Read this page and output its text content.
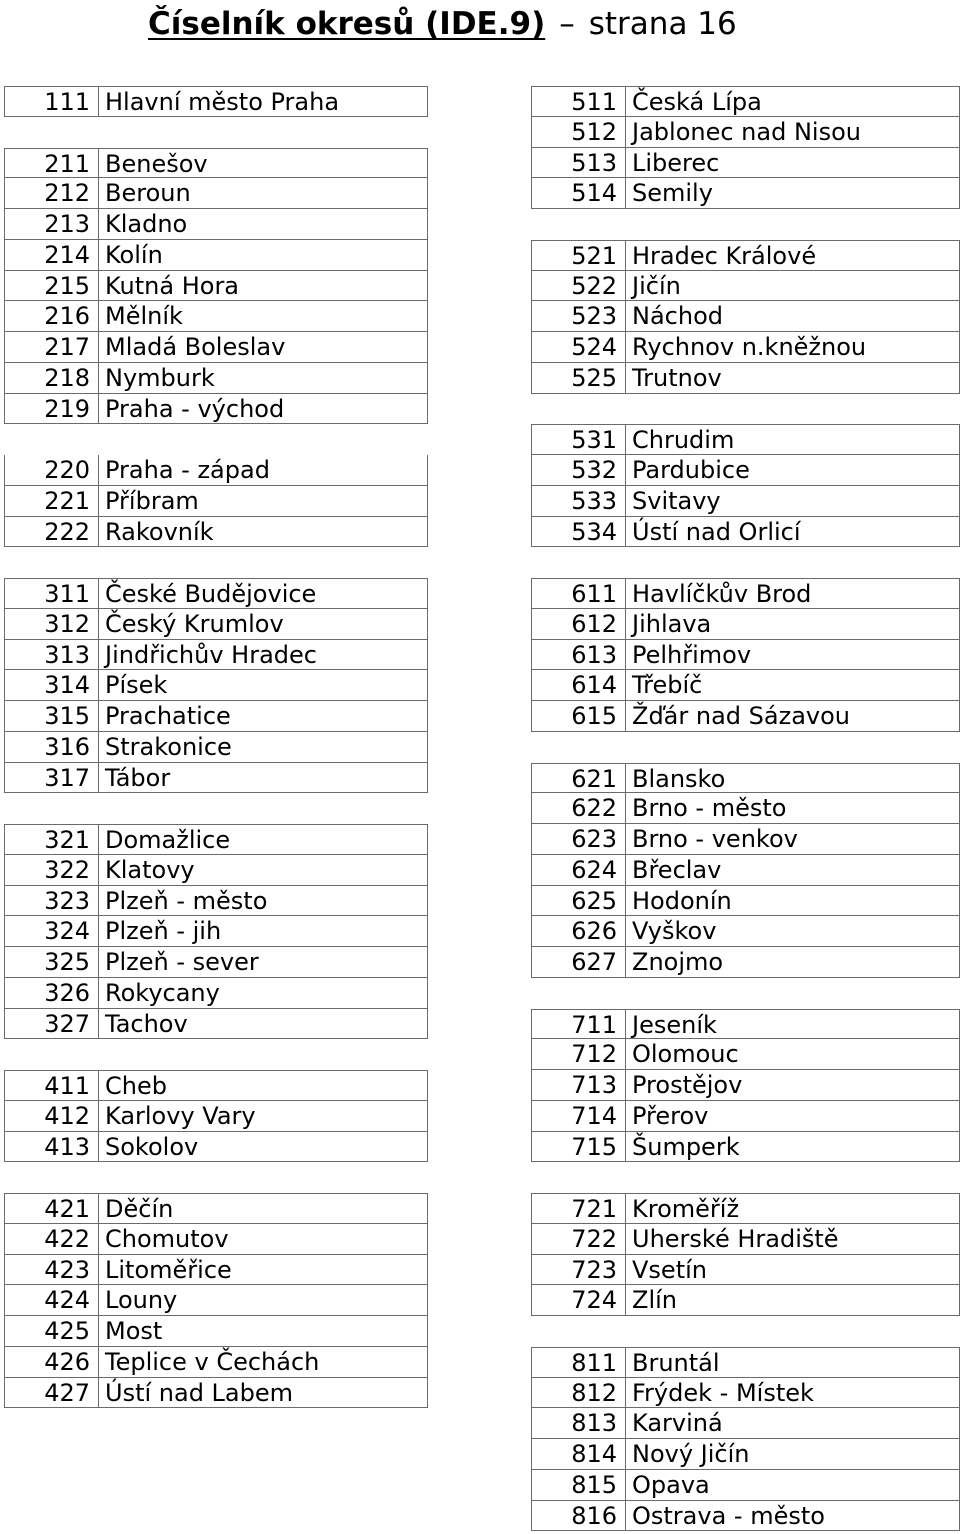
Číselník okresů (IDE.9) – strana 16
111 Hlavní město Praha
211 Benešov
212 Beroun
213 Kladno
214 Kolín
215 Kutná Hora
216 Mělník
217 Mladá Boleslav
218 Nymburk
219 Praha - východ
220 Praha - západ
221 Příbram
222 Rakovník
311 České Budějovice
312 Český Krumlov
313 Jindřichův Hradec
314 Písek
315 Prachatice
316 Strakonice
317 Tábor
321 Domažlice
322 Klatovy
323 Plzeň - město
324 Plzeň - jih
325 Plzeň - sever
326 Rokycany
327 Tachov
411 Cheb
412 Karlovy Vary
413 Sokolov
421 Děčín
422 Chomutov
423 Litoměřice
424 Louny
425 Most
426 Teplice v Čechách
427 Ústí nad Labem
511 Česká Lípa
512 Jablonec nad Nisou
513 Liberec
514 Semily
521 Hradec Králové
522 Jičín
523 Náchod
524 Rychnov n.kněžnou
525 Trutnov
531 Chrudim
532 Pardubice
533 Svitavy
534 Ústí nad Orlicí
611 Havlíčkův Brod
612 Jihlava
613 Pelhřimov
614 Třebíč
615 Žďár nad Sázavou
621 Blansko
622 Brno - město
623 Brno - venkov
624 Břeclav
625 Hodonín
626 Vyškov
627 Znojmo
711 Jeseník
712 Olomouc
713 Prostějov
714 Přerov
715 Šumperk
721 Kroměříž
722 Uherské Hradiště
723 Vsetín
724 Zlín
811 Bruntál
812 Frýdek - Místek
813 Karviná
814 Nový Jičín
815 Opava
816 Ostrava - město
